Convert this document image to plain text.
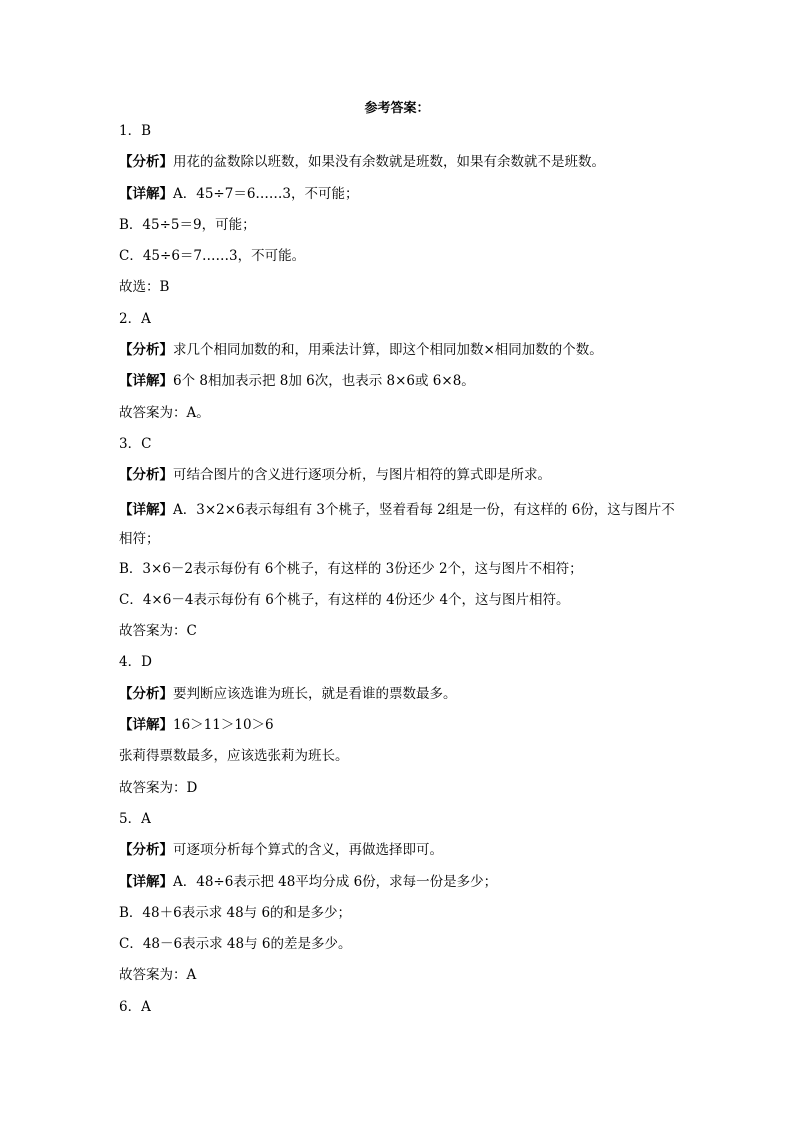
参考答案：
1．B
【分析】用花的盆数除以班数，如果没有余数就是班数，如果有余数就不是班数。
【详解】A．45÷7＝6……3，不可能；
B．45÷5＝9，可能；
C．45÷6＝7……3，不可能。
故选：B
2．A
【分析】求几个相同加数的和，用乘法计算，即这个相同加数×相同加数的个数。
【详解】6个 8相加表示把 8加 6次，也表示 8×6或 6×8。
故答案为：A。
3．C
【分析】可结合图片的含义进行逐项分析，与图片相符的算式即是所求。
【详解】A．3×2×6表示每组有 3个桃子，竖着看每 2组是一份，有这样的 6份，这与图片不相符；
B．3×6－2表示每份有 6个桃子，有这样的 3份还少 2个，这与图片不相符；
C．4×6－4表示每份有 6个桃子，有这样的 4份还少 4个，这与图片相符。
故答案为：C
4．D
【分析】要判断应该选谁为班长，就是看谁的票数最多。
【详解】16＞11＞10＞6
张莉得票数最多，应该选张莉为班长。
故答案为：D
5．A
【分析】可逐项分析每个算式的含义，再做选择即可。
【详解】A．48÷6表示把 48平均分成 6份，求每一份是多少；
B．48＋6表示求 48与 6的和是多少；
C．48－6表示求 48与 6的差是多少。
故答案为：A
6．A
